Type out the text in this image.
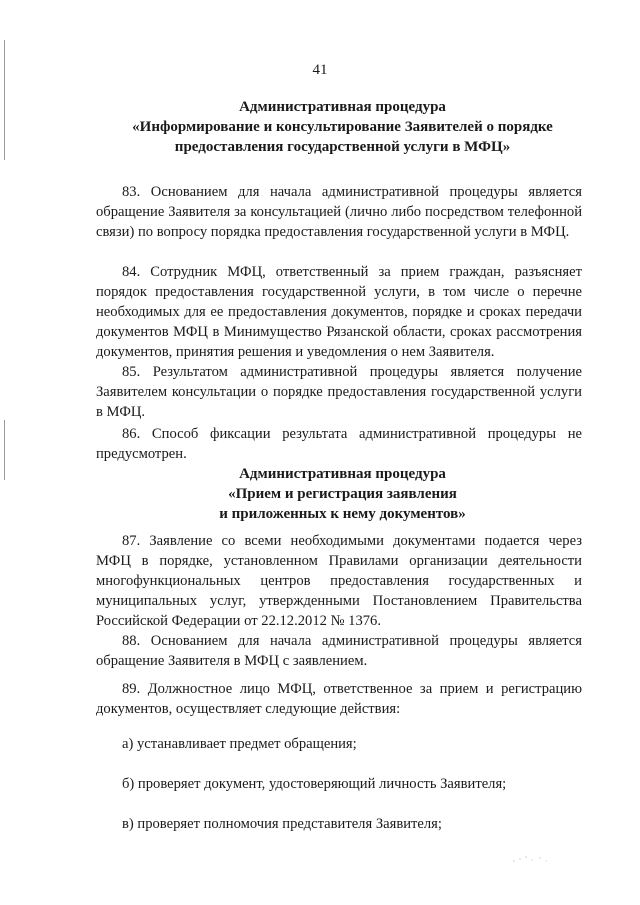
41
Административная процедура
«Информирование и консультирование Заявителей о порядке
предоставления государственной услуги в МФЦ»
83. Основанием для начала административной процедуры является обращение Заявителя за консультацией (лично либо посредством телефонной связи) по вопросу порядка предоставления государственной услуги в МФЦ.
84. Сотрудник МФЦ, ответственный за прием граждан, разъясняет порядок предоставления государственной услуги, в том числе о перечне необходимых для ее предоставления документов, порядке и сроках передачи документов МФЦ в Минимущество Рязанской области, сроках рассмотрения документов, принятия решения и уведомления о нем Заявителя.
85. Результатом административной процедуры является получение Заявителем консультации о порядке предоставления государственной услуги в МФЦ.
86. Способ фиксации результата административной процедуры не предусмотрен.
Административная процедура
«Прием и регистрация заявления
и приложенных к нему документов»
87. Заявление со всеми необходимыми документами подается через МФЦ в порядке, установленном Правилами организации деятельности многофункциональных центров предоставления государственных и муниципальных услуг, утвержденными Постановлением Правительства Российской Федерации от 22.12.2012 № 1376.
88. Основанием для начала административной процедуры является обращение Заявителя в МФЦ с заявлением.
89. Должностное лицо МФЦ, ответственное за прием и регистрацию документов, осуществляет следующие действия:
а) устанавливает предмет обращения;
б) проверяет документ, удостоверяющий личность Заявителя;
в) проверяет полномочия представителя Заявителя;
